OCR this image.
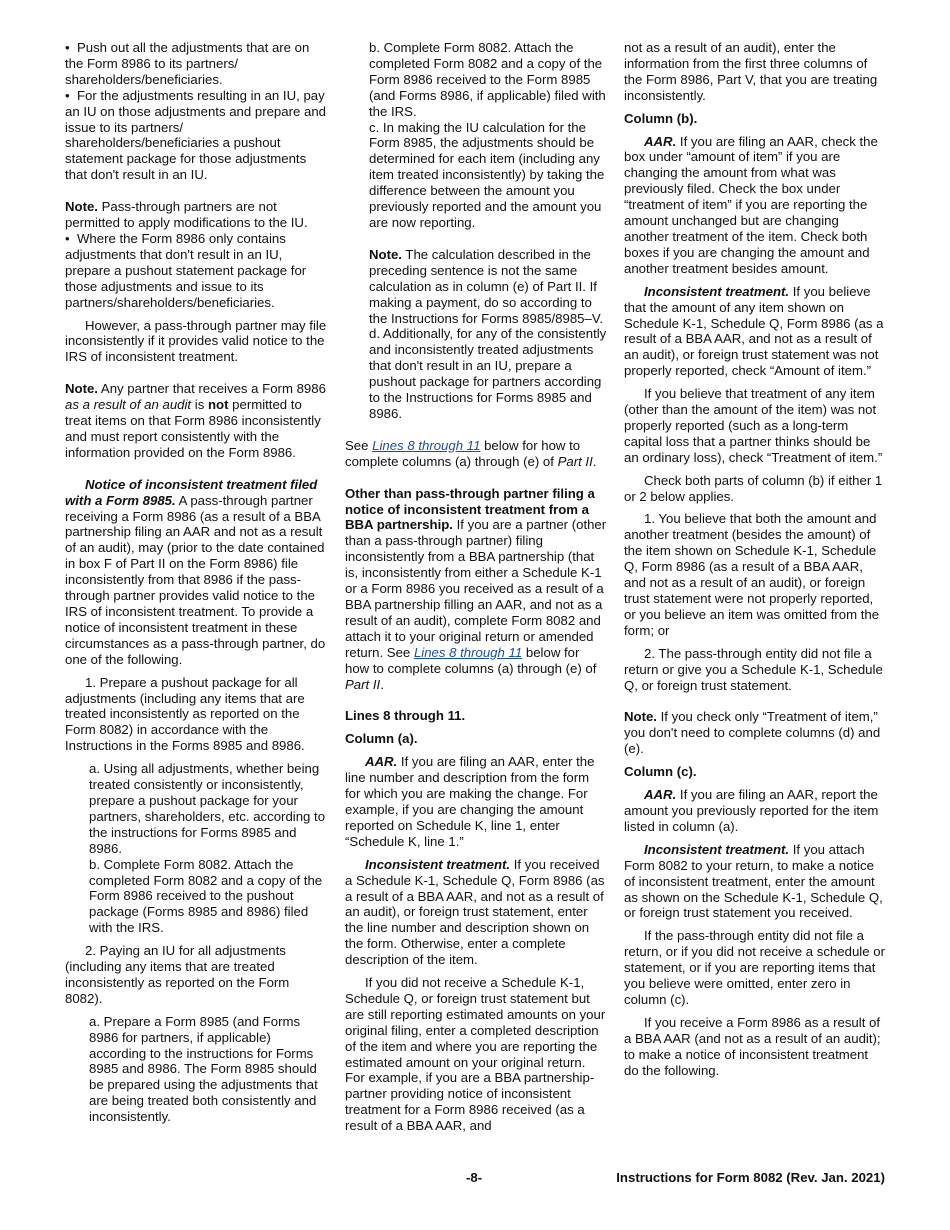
•  Push out all the adjustments that are on the Form 8986 to its partners/ shareholders/beneficiaries.

•  For the adjustments resulting in an IU, pay an IU on those adjustments and prepare and issue to its partners/ shareholders/beneficiaries a pushout statement package for those adjustments that don't result in an IU.

Note. Pass-through partners are not permitted to apply modifications to the IU.

•  Where the Form 8986 only contains adjustments that don't result in an IU, prepare a pushout statement package for those adjustments and issue to its partners/shareholders/beneficiaries.

However, a pass-through partner may file inconsistently if it provides valid notice to the IRS of inconsistent treatment.

Note. Any partner that receives a Form 8986 as a result of an audit is not permitted to treat items on that Form 8986 inconsistently and must report consistently with the information provided on the Form 8986.

Notice of inconsistent treatment filed with a Form 8985. A pass-through partner receiving a Form 8986 (as a result of a BBA partnership filing an AAR and not as a result of an audit), may (prior to the date contained in box F of Part II on the Form 8986) file inconsistently from that 8986 if the pass-through partner provides valid notice to the IRS of inconsistent treatment. To provide a notice of inconsistent treatment in these circumstances as a pass-through partner, do one of the following.

1. Prepare a pushout package for all adjustments (including any items that are treated inconsistently as reported on the Form 8082) in accordance with the Instructions in the Forms 8985 and 8986.

a. Using all adjustments, whether being treated consistently or inconsistently, prepare a pushout package for your partners, shareholders, etc. according to the instructions for Forms 8985 and 8986.

b. Complete Form 8082. Attach the completed Form 8082 and a copy of the Form 8986 received to the pushout package (Forms 8985 and 8986) filed with the IRS.

2. Paying an IU for all adjustments (including any items that are treated inconsistently as reported on the Form 8082).

a. Prepare a Form 8985 (and Forms 8986 for partners, if applicable) according to the instructions for Forms 8985 and 8986. The Form 8985 should be prepared using the adjustments that are being treated both consistently and inconsistently.

b. Complete Form 8082. Attach the completed Form 8082 and a copy of the Form 8986 received to the Form 8985 (and Forms 8986, if applicable) filed with the IRS.

c. In making the IU calculation for the Form 8985, the adjustments should be determined for each item (including any item treated inconsistently) by taking the difference between the amount you previously reported and the amount you are now reporting.

Note. The calculation described in the preceding sentence is not the same calculation as in column (e) of Part II. If making a payment, do so according to the Instructions for Forms 8985/8985–V.

d. Additionally, for any of the consistently and inconsistently treated adjustments that don't result in an IU, prepare a pushout package for partners according to the Instructions for Forms 8985 and 8986.

See Lines 8 through 11 below for how to complete columns (a) through (e) of Part II.

Other than pass-through partner filing a notice of inconsistent treatment from a BBA partnership. If you are a partner (other than a pass-through partner) filing inconsistently from a BBA partnership (that is, inconsistently from either a Schedule K-1 or a Form 8986 you received as a result of a BBA partnership filling an AAR, and not as a result of an audit), complete Form 8082 and attach it to your original return or amended return. See Lines 8 through 11 below for how to complete columns (a) through (e) of Part II.

Lines 8 through 11.

Column (a).

AAR. If you are filing an AAR, enter the line number and description from the form for which you are making the change. For example, if you are changing the amount reported on Schedule K, line 1, enter “Schedule K, line 1.”

Inconsistent treatment. If you received a Schedule K-1, Schedule Q, Form 8986 (as a result of a BBA AAR, and not as a result of an audit), or foreign trust statement, enter the line number and description shown on the form. Otherwise, enter a complete description of the item.

If you did not receive a Schedule K-1, Schedule Q, or foreign trust statement but are still reporting estimated amounts on your original filing, enter a completed description of the item and where you are reporting the estimated amount on your original return. For example, if you are a BBA partnership-partner providing notice of inconsistent treatment for a Form 8986 received (as a result of a BBA AAR, and

not as a result of an audit), enter the information from the first three columns of the Form 8986, Part V, that you are treating inconsistently.

Column (b).

AAR. If you are filing an AAR, check the box under “amount of item” if you are changing the amount from what was previously filed. Check the box under “treatment of item” if you are reporting the amount unchanged but are changing another treatment of the item. Check both boxes if you are changing the amount and another treatment besides amount.

Inconsistent treatment. If you believe that the amount of any item shown on Schedule K-1, Schedule Q, Form 8986 (as a result of a BBA AAR, and not as a result of an audit), or foreign trust statement was not properly reported, check “Amount of item.”

If you believe that treatment of any item (other than the amount of the item) was not properly reported (such as a long-term capital loss that a partner thinks should be an ordinary loss), check “Treatment of item.”

Check both parts of column (b) if either 1 or 2 below applies.

1. You believe that both the amount and another treatment (besides the amount) of the item shown on Schedule K-1, Schedule Q, Form 8986 (as a result of a BBA AAR, and not as a result of an audit), or foreign trust statement were not properly reported, or you believe an item was omitted from the form; or

2. The pass-through entity did not file a return or give you a Schedule K-1, Schedule Q, or foreign trust statement.

Note. If you check only “Treatment of item,” you don't need to complete columns (d) and (e).

Column (c).

AAR. If you are filing an AAR, report the amount you previously reported for the item listed in column (a).

Inconsistent treatment. If you attach Form 8082 to your return, to make a notice of inconsistent treatment, enter the amount as shown on the Schedule K-1, Schedule Q, or foreign trust statement you received.

If the pass-through entity did not file a return, or if you did not receive a schedule or statement, or if you are reporting items that you believe were omitted, enter zero in column (c).

If you receive a Form 8986 as a result of a BBA AAR (and not as a result of an audit); to make a notice of inconsistent treatment do the following.

-8-	Instructions for Form 8082 (Rev. Jan. 2021)
